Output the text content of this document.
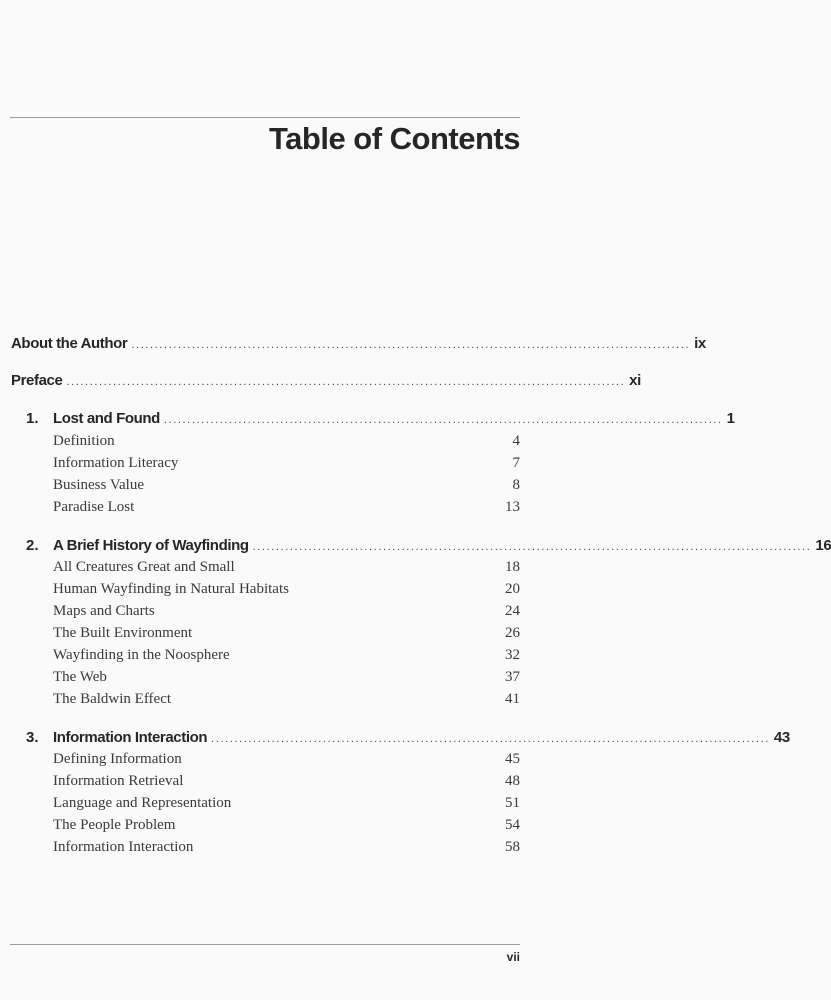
Table of Contents
About the Author ........................................................................................................................ ix
Preface ........................................................................................................................ xi
1. Lost and Found ........................................................................................................................ 1
Definition	4
Information Literacy	7
Business Value	8
Paradise Lost	13
2. A Brief History of Wayfinding ........................................................................................................................ 16
All Creatures Great and Small	18
Human Wayfinding in Natural Habitats	20
Maps and Charts	24
The Built Environment	26
Wayfinding in the Noosphere	32
The Web	37
The Baldwin Effect	41
3. Information Interaction ........................................................................................................................ 43
Defining Information	45
Information Retrieval	48
Language and Representation	51
The People Problem	54
Information Interaction	58
vii
